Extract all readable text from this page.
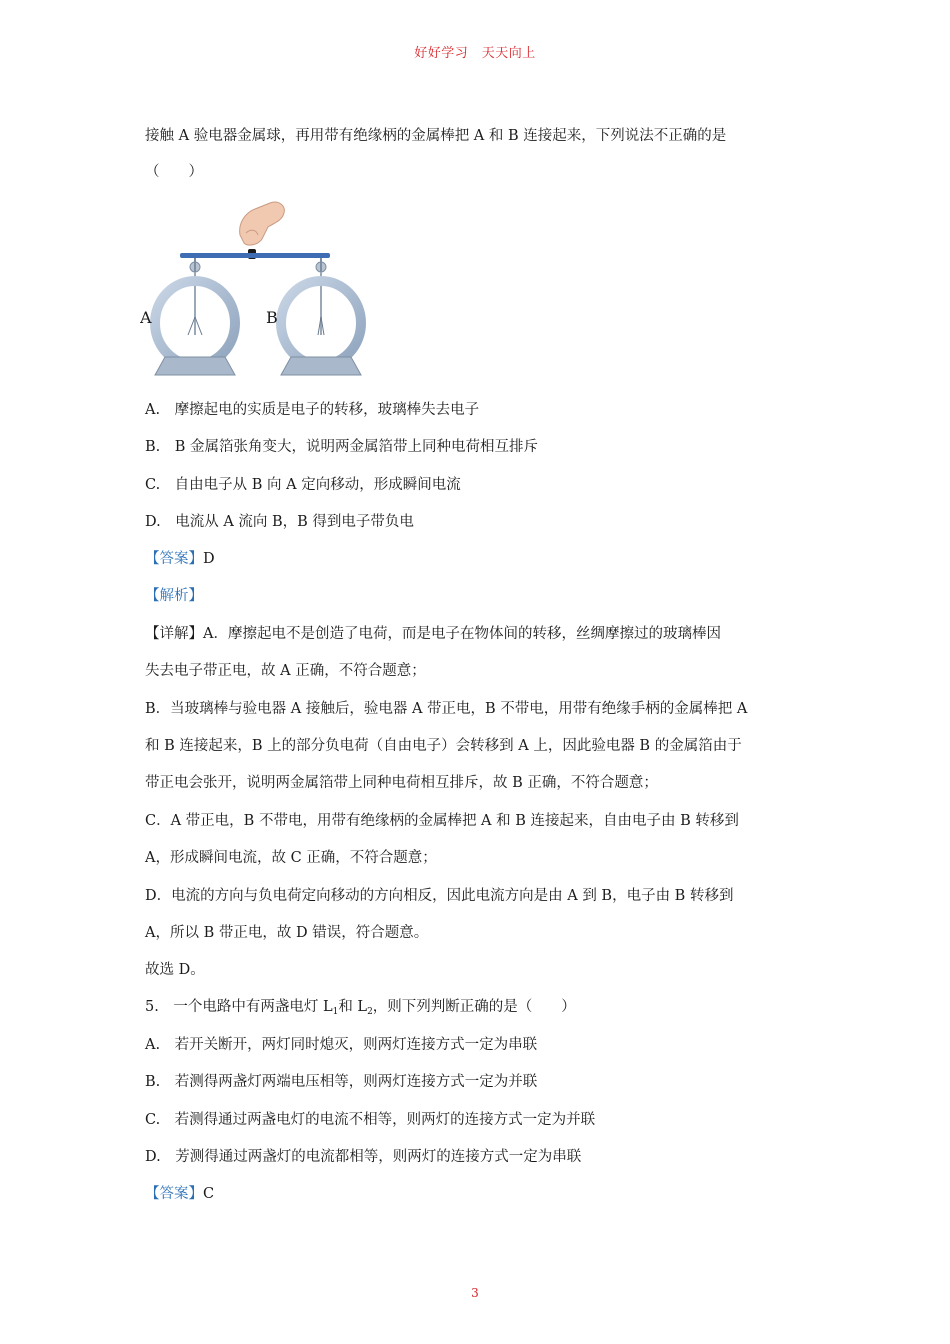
好好学习　天天向上
接触 A 验电器金属球，再用带有绝缘柄的金属棒把 A 和 B 连接起来，下列说法不正确的是
（　　）
A	B
A.　摩擦起电的实质是电子的转移，玻璃棒失去电子
B.　B 金属箔张角变大，说明两金属箔带上同种电荷相互排斥
C.　自由电子从 B 向 A 定向移动，形成瞬间电流
D.　电流从 A 流向 B，B 得到电子带负电
【答案】D
【解析】
【详解】A．摩擦起电不是创造了电荷，而是电子在物体间的转移，丝绸摩擦过的玻璃棒因
失去电子带正电，故 A 正确，不符合题意；
B．当玻璃棒与验电器 A 接触后，验电器 A 带正电，B 不带电，用带有绝缘手柄的金属棒把 A
和 B 连接起来，B 上的部分负电荷（自由电子）会转移到 A 上，因此验电器 B 的金属箔由于
带正电会张开，说明两金属箔带上同种电荷相互排斥，故 B 正确，不符合题意；
C．A 带正电，B 不带电，用带有绝缘柄的金属棒把 A 和 B 连接起来，自由电子由 B 转移到
A，形成瞬间电流，故 C 正确，不符合题意；
D．电流的方向与负电荷定向移动的方向相反，因此电流方向是由 A 到 B，电子由 B 转移到
A，所以 B 带正电，故 D 错误，符合题意。
故选 D。
5.　一个电路中有两盏电灯 $L_1$和 $L_2$，则下列判断正确的是（　　）
A.　若开关断开，两灯同时熄灭，则两灯连接方式一定为串联
B.　若测得两盏灯两端电压相等，则两灯连接方式一定为并联
C.　若测得通过两盏电灯的电流不相等，则两灯的连接方式一定为并联
D.　芳测得通过两盏灯的电流都相等，则两灯的连接方式一定为串联
【答案】C
3
